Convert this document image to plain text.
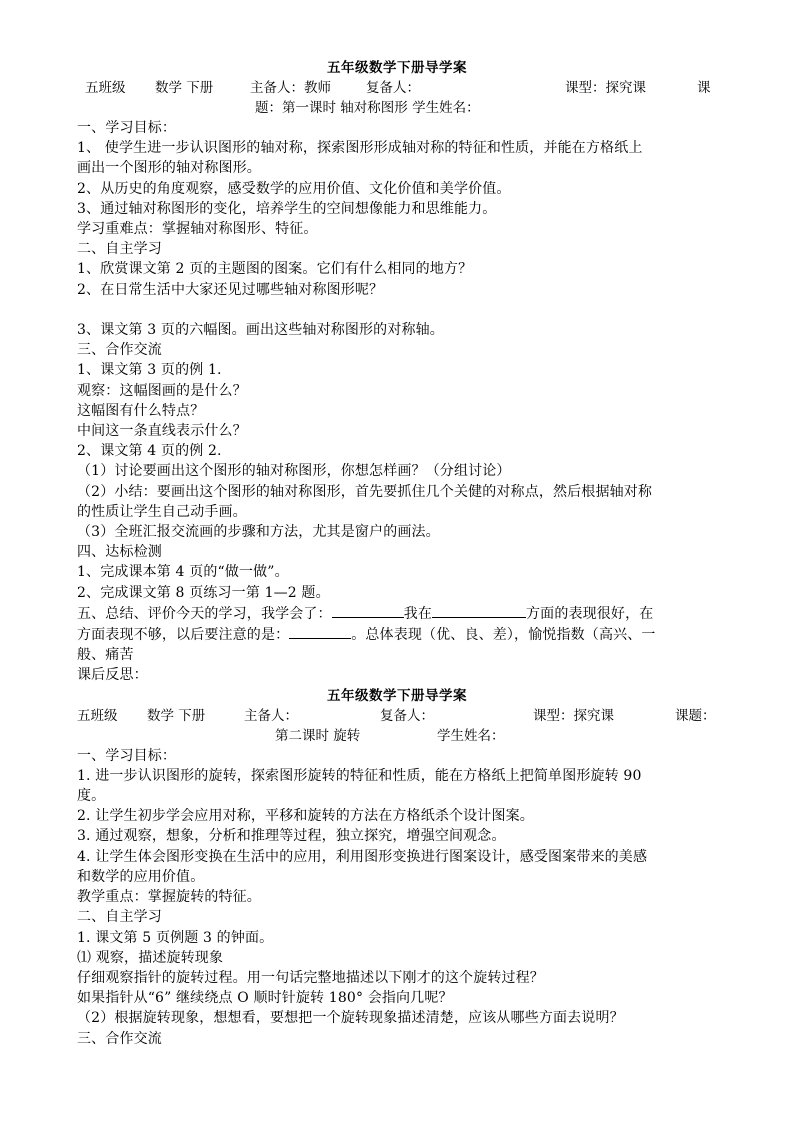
五年级数学下册导学案
五班级 数学 下册	主备人：教师	复备人：	课型：探究课	课
题：第一课时 轴对称图形 学生姓名：
一、学习目标：
1、 使学生进一步认识图形的轴对称，探索图形形成轴对称的特征和性质，并能在方格纸上
画出一个图形的轴对称图形。
2、从历史的角度观察，感受数学的应用价值、文化价值和美学价值。
3、通过轴对称图形的变化，培养学生的空间想像能力和思维能力。
学习重难点：掌握轴对称图形、特征。
二、自主学习
1、欣赏课文第 2 页的主题图的图案。它们有什么相同的地方？
2、在日常生活中大家还见过哪些轴对称图形呢？
3、课文第 3 页的六幅图。画出这些轴对称图形的对称轴。
三、合作交流
1、课文第 3 页的例 1.
观察：这幅图画的是什么？
这幅图有什么特点？
中间这一条直线表示什么？
2、课文第 4 页的例 2.
（1）讨论要画出这个图形的轴对称图形，你想怎样画？（分组讨论）
（2）小结：要画出这个图形的轴对称图形，首先要抓住几个关健的对称点，然后根据轴对称
的性质让学生自己动手画。
（3）全班汇报交流画的步骤和方法，尤其是窗户的画法。
四、达标检测
1、完成课本第 4 页的“做一做”。
2、完成课文第 8 页练习一第 1—2 题。
五、总结、评价今天的学习，我学会了：	我在	方面的表现很好，在
方面表现不够，以后要注意的是：	。总体表现（优、良、差），愉悦指数（高兴、一
般、痛苦
课后反思：
五年级数学下册导学案
五班级 数学 下册	主备人：	复备人：	课型：探究课	课题：
第二课时 旋转	学生姓名：
一、学习目标：
1. 进一步认识图形的旋转，探索图形旋转的特征和性质，能在方格纸上把简单图形旋转 90
度。
2. 让学生初步学会应用对称，平移和旋转的方法在方格纸杀个设计图案。
3. 通过观察，想象，分析和推理等过程，独立探究，增强空间观念。
4. 让学生体会图形变换在生活中的应用，利用图形变换进行图案设计，感受图案带来的美感
和数学的应用价值。
教学重点：掌握旋转的特征。
二、自主学习
1. 课文第 5 页例题 3 的钟面。
⑴ 观察，描述旋转现象
仔细观察指针的旋转过程。用一句话完整地描述以下刚才的这个旋转过程？
如果指针从“6” 继续绕点 O 顺时针旋转 180° 会指向几呢？
（2）根据旋转现象，想想看，要想把一个旋转现象描述清楚，应该从哪些方面去说明？
三、合作交流
